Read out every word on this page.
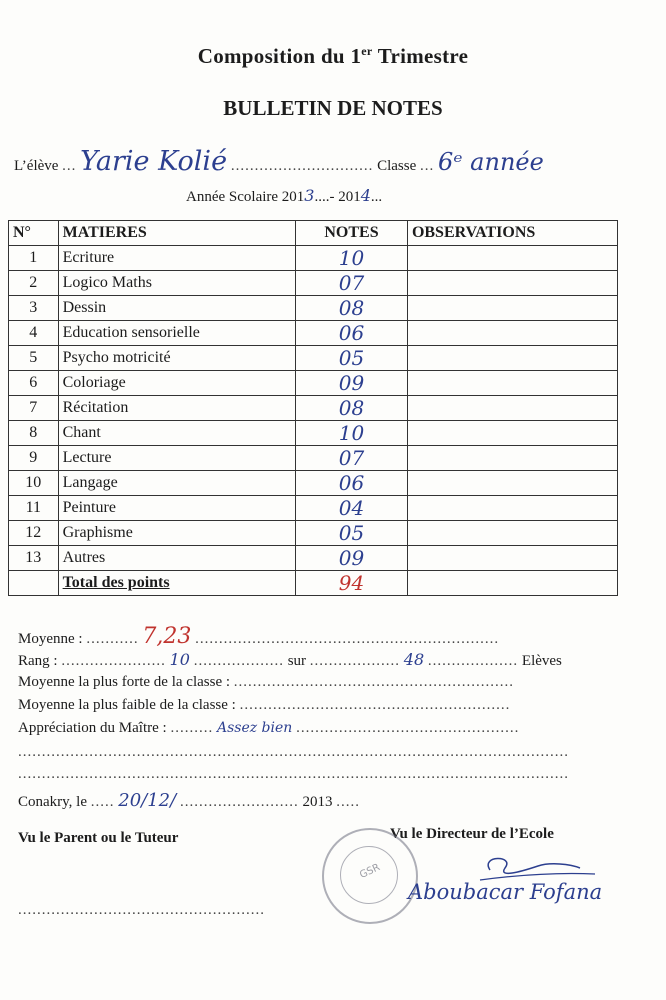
Composition du 1er Trimestre
BULLETIN DE NOTES
L’élève ... Yarie Kolié .............................. Classe ... 6ᵉ année
Année Scolaire 2013....- 2014...
N°	MATIERES	NOTES	OBSERVATIONS
1	Ecriture	10	
2	Logico Maths	07	
3	Dessin	08	
4	Education sensorielle	06	
5	Psycho motricité	05	
6	Coloriage	09	
7	Récitation	08	
8	Chant	10	
9	Lecture	07	
10	Langage	06	
11	Peinture	04	
12	Graphisme	05	
13	Autres	09	
	Total des points	94	
Moyenne : ........... 7,23 ................................................................
Rang : ...................... 10 ................... sur ................... 48 ................... Elèves
Moyenne la plus forte de la classe : ...........................................................
Moyenne la plus faible de la classe : .........................................................
Appréciation du Maître : ......... Assez bien ...............................................
....................................................................................................................
....................................................................................................................
Conakry, le ..... 20/12/ ......................... 2013 .....
Vu le Parent ou le Tuteur
....................................................
Vu le Directeur de l’Ecole
GSR
Aboubacar Fofana
